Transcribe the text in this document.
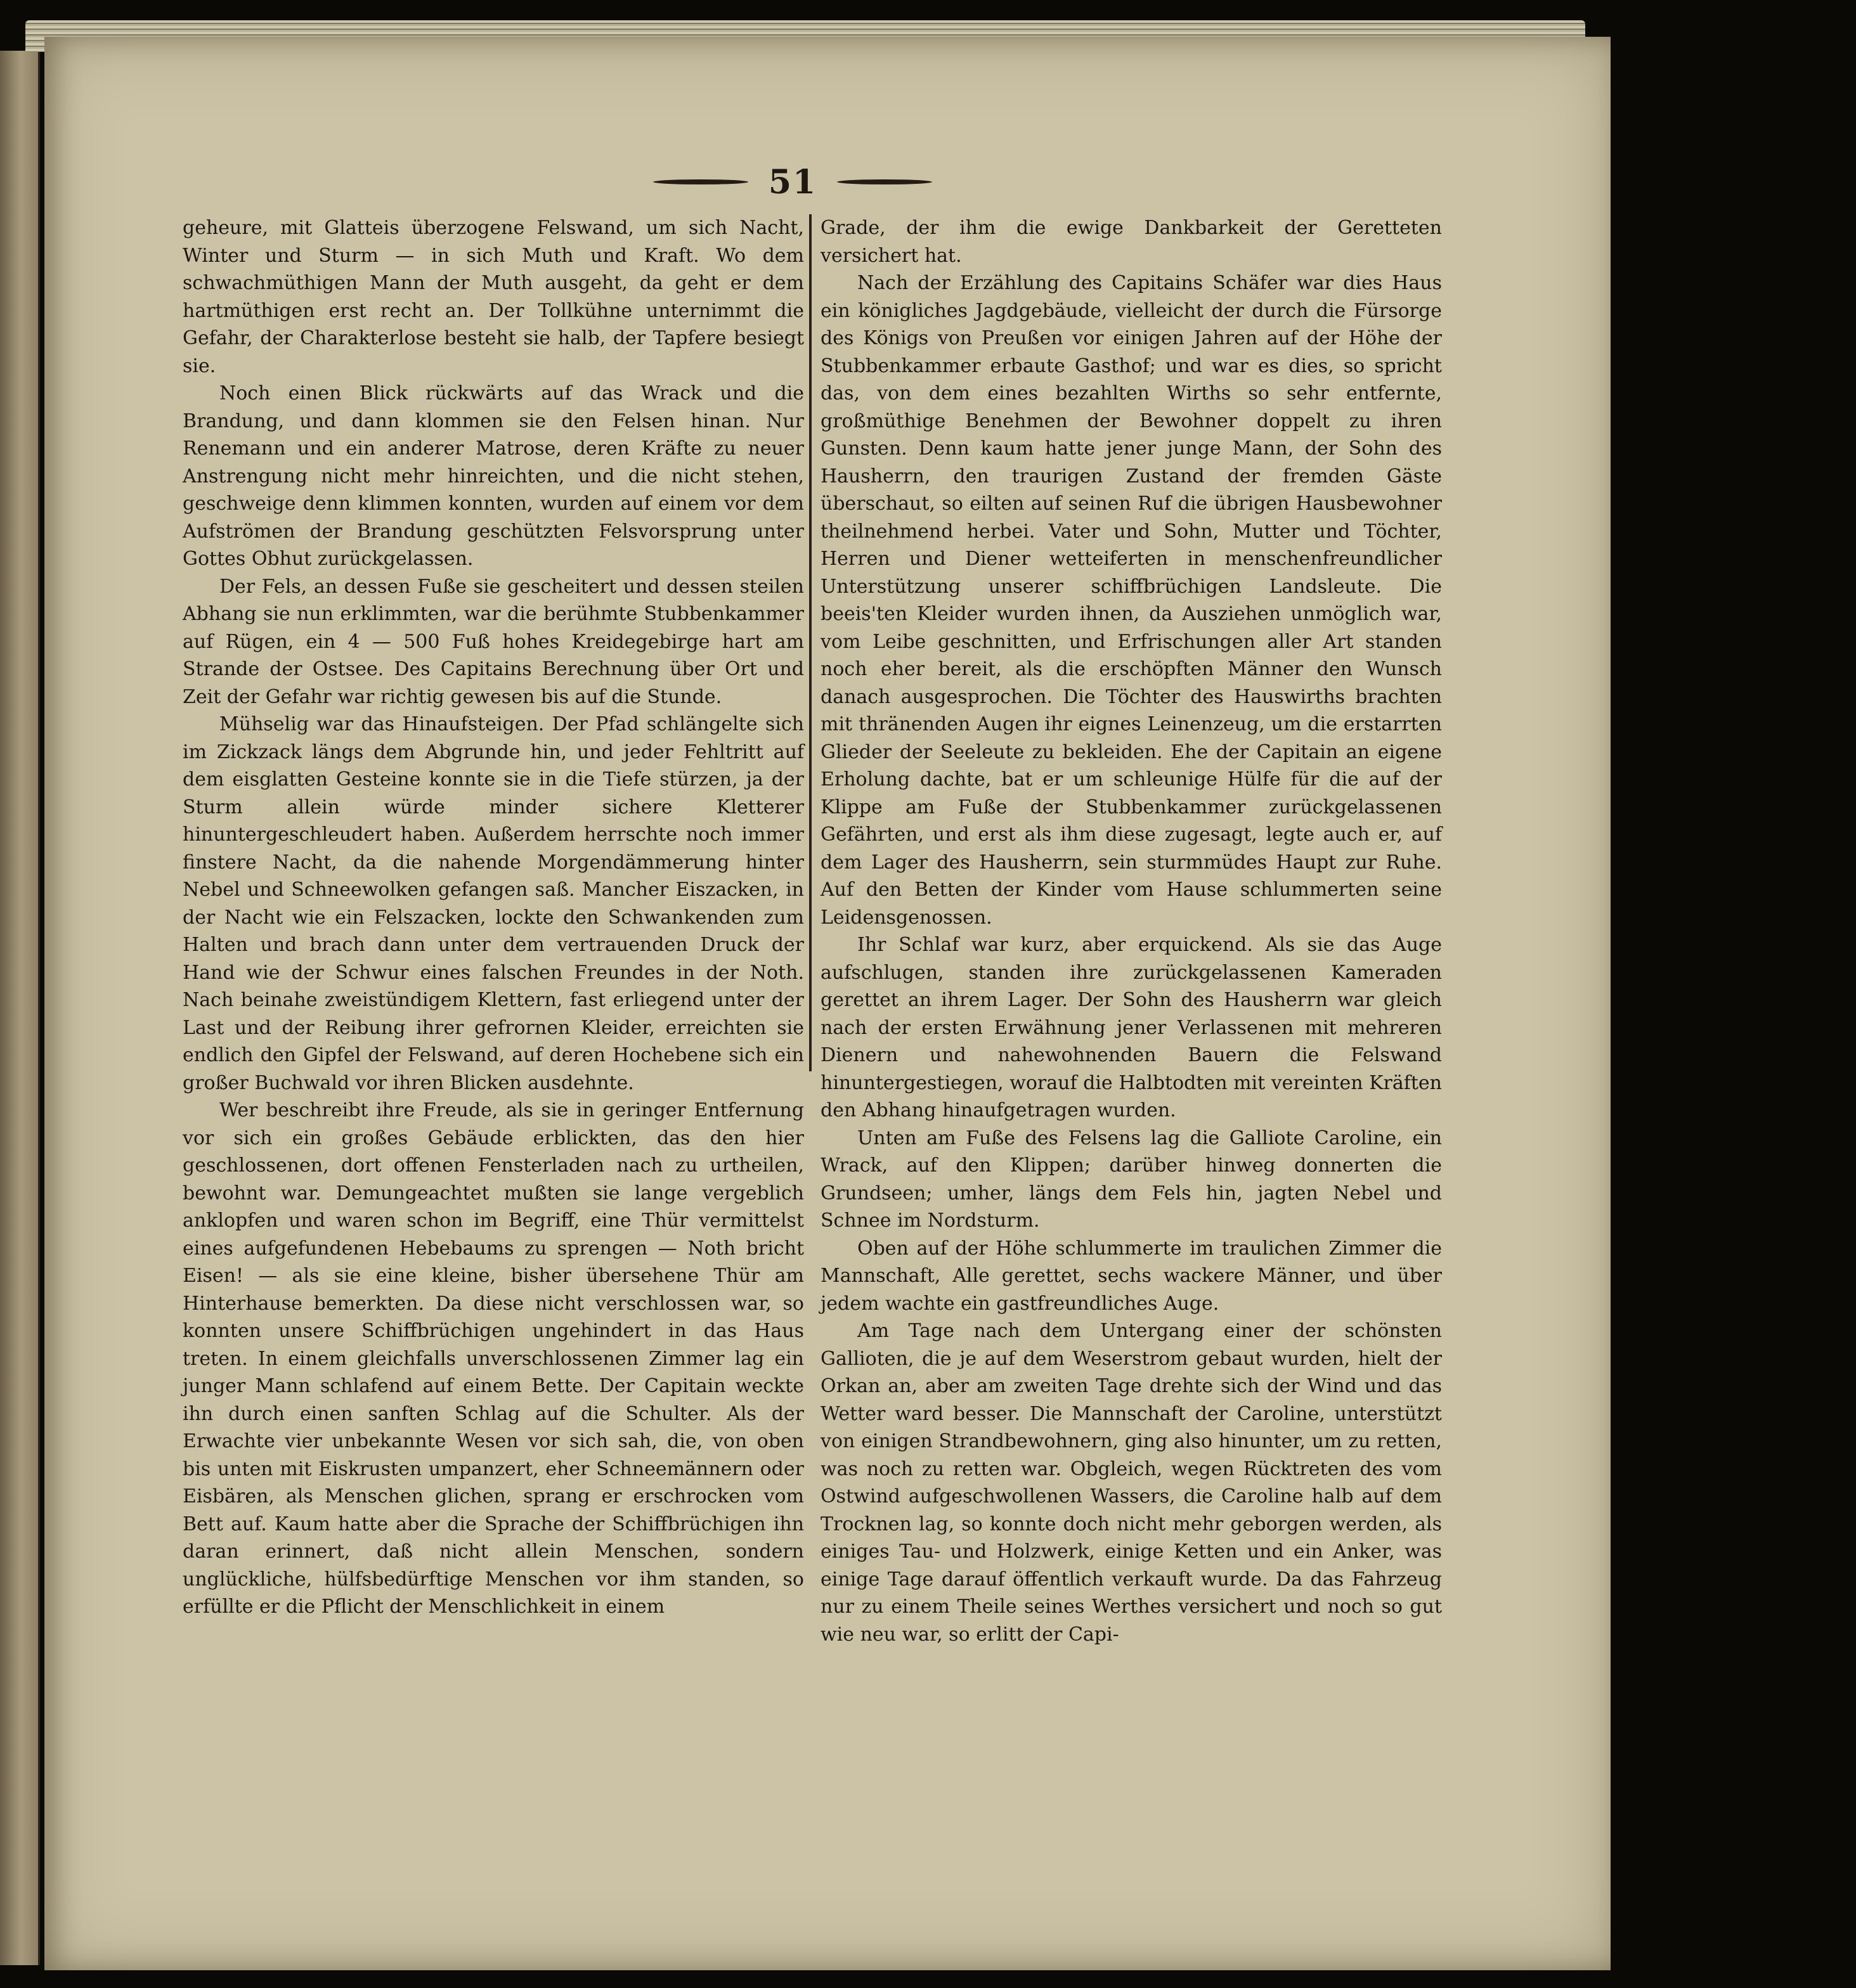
51

geheure, mit Glatteis überzogene Felswand, um sich Nacht, Winter und Sturm — in sich Muth und Kraft. Wo dem schwachmüthigen Mann der Muth ausgeht, da geht er dem hartmüthigen erst recht an. Der Tollkühne unternimmt die Gefahr, der Charakterlose besteht sie halb, der Tapfere besiegt sie.

Noch einen Blick rückwärts auf das Wrack und die Brandung, und dann klommen sie den Felsen hinan. Nur Renemann und ein anderer Matrose, deren Kräfte zu neuer Anstrengung nicht mehr hinreichten, und die nicht stehen, geschweige denn klimmen konnten, wurden auf einem vor dem Aufströmen der Brandung geschützten Felsvorsprung unter Gottes Obhut zurückgelassen.

Der Fels, an dessen Fuße sie gescheitert und dessen steilen Abhang sie nun erklimmten, war die berühmte Stubbenkammer auf Rügen, ein 4 — 500 Fuß hohes Kreidegebirge hart am Strande der Ostsee. Des Capitains Berechnung über Ort und Zeit der Gefahr war richtig gewesen bis auf die Stunde.

Mühselig war das Hinaufsteigen. Der Pfad schlängelte sich im Zickzack längs dem Abgrunde hin, und jeder Fehltritt auf dem eisglatten Gesteine konnte sie in die Tiefe stürzen, ja der Sturm allein würde minder sichere Kletterer hinuntergeschleudert haben. Außerdem herrschte noch immer finstere Nacht, da die nahende Morgendämmerung hinter Nebel und Schneewolken gefangen saß. Mancher Eiszacken, in der Nacht wie ein Felszacken, lockte den Schwankenden zum Halten und brach dann unter dem vertrauenden Druck der Hand wie der Schwur eines falschen Freundes in der Noth. Nach beinahe zweistündigem Klettern, fast erliegend unter der Last und der Reibung ihrer gefrornen Kleider, erreichten sie endlich den Gipfel der Felswand, auf deren Hochebene sich ein großer Buchwald vor ihren Blicken ausdehnte.

Wer beschreibt ihre Freude, als sie in geringer Entfernung vor sich ein großes Gebäude erblickten, das den hier geschlossenen, dort offenen Fensterladen nach zu urtheilen, bewohnt war. Demungeachtet mußten sie lange vergeblich anklopfen und waren schon im Begriff, eine Thür vermittelst eines aufgefundenen Hebebaums zu sprengen — Noth bricht Eisen! — als sie eine kleine, bisher übersehene Thür am Hinterhause bemerkten. Da diese nicht verschlossen war, so konnten unsere Schiffbrüchigen ungehindert in das Haus treten. In einem gleichfalls unverschlossenen Zimmer lag ein junger Mann schlafend auf einem Bette. Der Capitain weckte ihn durch einen sanften Schlag auf die Schulter. Als der Erwachte vier unbekannte Wesen vor sich sah, die, von oben bis unten mit Eiskrusten umpanzert, eher Schneemännern oder Eisbären, als Menschen glichen, sprang er erschrocken vom Bett auf. Kaum hatte aber die Sprache der Schiffbrüchigen ihn daran erinnert, daß nicht allein Menschen, sondern unglückliche, hülfsbedürftige Menschen vor ihm standen, so erfüllte er die Pflicht der Menschlichkeit in einem

Grade, der ihm die ewige Dankbarkeit der Geretteten versichert hat.

Nach der Erzählung des Capitains Schäfer war dies Haus ein königliches Jagdgebäude, vielleicht der durch die Fürsorge des Königs von Preußen vor einigen Jahren auf der Höhe der Stubbenkammer erbaute Gasthof; und war es dies, so spricht das, von dem eines bezahlten Wirths so sehr entfernte, großmüthige Benehmen der Bewohner doppelt zu ihren Gunsten. Denn kaum hatte jener junge Mann, der Sohn des Hausherrn, den traurigen Zustand der fremden Gäste überschaut, so eilten auf seinen Ruf die übrigen Hausbewohner theilnehmend herbei. Vater und Sohn, Mutter und Töchter, Herren und Diener wetteiferten in menschenfreundlicher Unterstützung unserer schiffbrüchigen Landsleute. Die beeis'ten Kleider wurden ihnen, da Ausziehen unmöglich war, vom Leibe geschnitten, und Erfrischungen aller Art standen noch eher bereit, als die erschöpften Männer den Wunsch danach ausgesprochen. Die Töchter des Hauswirths brachten mit thränenden Augen ihr eignes Leinenzeug, um die erstarrten Glieder der Seeleute zu bekleiden. Ehe der Capitain an eigene Erholung dachte, bat er um schleunige Hülfe für die auf der Klippe am Fuße der Stubbenkammer zurückgelassenen Gefährten, und erst als ihm diese zugesagt, legte auch er, auf dem Lager des Hausherrn, sein sturmmüdes Haupt zur Ruhe. Auf den Betten der Kinder vom Hause schlummerten seine Leidensgenossen.

Ihr Schlaf war kurz, aber erquickend. Als sie das Auge aufschlugen, standen ihre zurückgelassenen Kameraden gerettet an ihrem Lager. Der Sohn des Hausherrn war gleich nach der ersten Erwähnung jener Verlassenen mit mehreren Dienern und nahewohnenden Bauern die Felswand hinuntergestiegen, worauf die Halbtodten mit vereinten Kräften den Abhang hinaufgetragen wurden.

Unten am Fuße des Felsens lag die Galliote Caroline, ein Wrack, auf den Klippen; darüber hinweg donnerten die Grundseen; umher, längs dem Fels hin, jagten Nebel und Schnee im Nordsturm.

Oben auf der Höhe schlummerte im traulichen Zimmer die Mannschaft, Alle gerettet, sechs wackere Männer, und über jedem wachte ein gastfreundliches Auge.

Am Tage nach dem Untergang einer der schönsten Gallioten, die je auf dem Weserstrom gebaut wurden, hielt der Orkan an, aber am zweiten Tage drehte sich der Wind und das Wetter ward besser. Die Mannschaft der Caroline, unterstützt von einigen Strandbewohnern, ging also hinunter, um zu retten, was noch zu retten war. Obgleich, wegen Rücktreten des vom Ostwind aufgeschwollenen Wassers, die Caroline halb auf dem Trocknen lag, so konnte doch nicht mehr geborgen werden, als einiges Tau- und Holzwerk, einige Ketten und ein Anker, was einige Tage darauf öffentlich verkauft wurde. Da das Fahrzeug nur zu einem Theile seines Werthes versichert und noch so gut wie neu war, so erlitt der Capi-
